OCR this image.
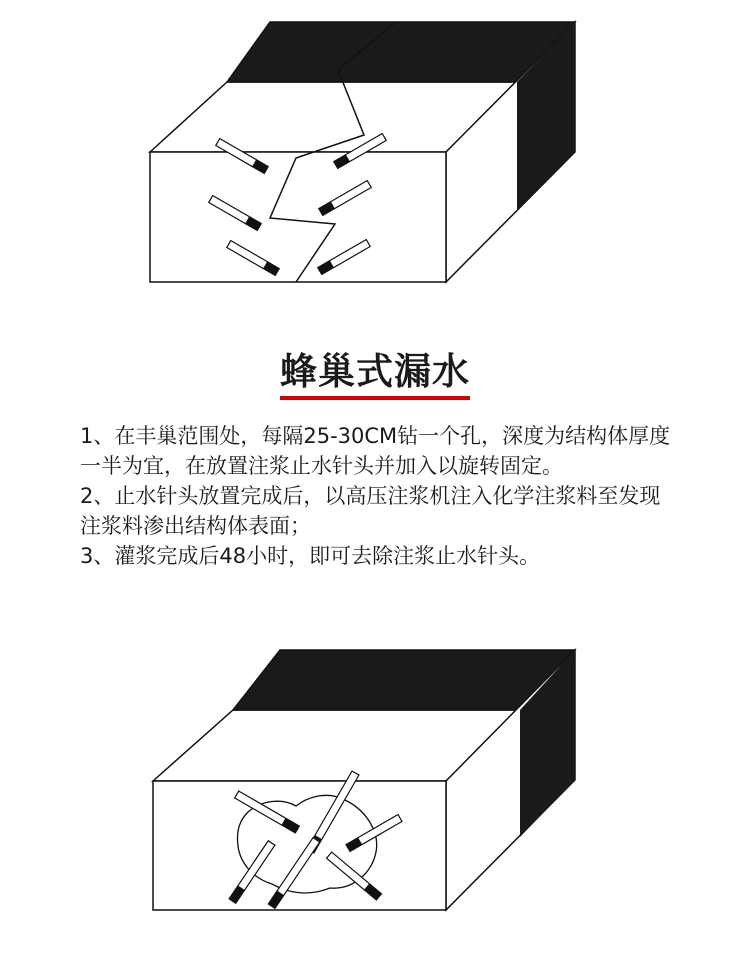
蜂巢式漏水

1、在丰巢范围处，每隔25-30CM钻一个孔，深度为结构体厚度一半为宜，在放置注浆止水针头并加入以旋转固定。

2、止水针头放置完成后，以高压注浆机注入化学注浆料至发现注浆料渗出结构体表面；

3、灌浆完成后48小时，即可去除注浆止水针头。
